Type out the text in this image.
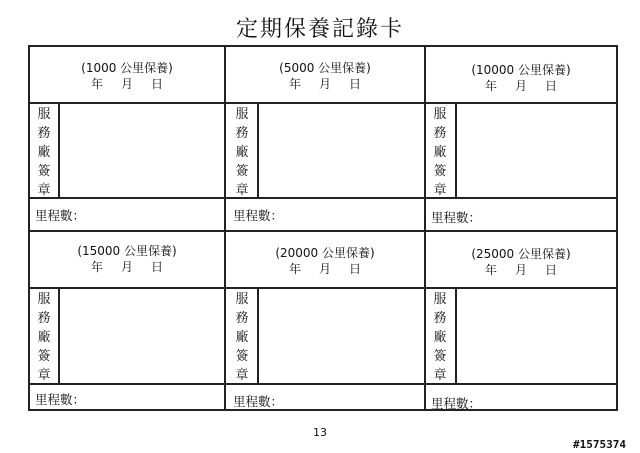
定期保養記錄卡
(1000 公里保養)
年 月 日
(5000 公里保養)
年 月 日
(10000 公里保養)
年 月 日
服
務
廠
簽
章
服
務
廠
簽
章
服
務
廠
簽
章
里程數：	里程數：	里程數：
(15000 公里保養)
年 月 日
(20000 公里保養)
年 月 日
(25000 公里保養)
年 月 日
服
務
廠
簽
章
服
務
廠
簽
章
服
務
廠
簽
章
里程數：	里程數：	里程數：
13
#1575374
